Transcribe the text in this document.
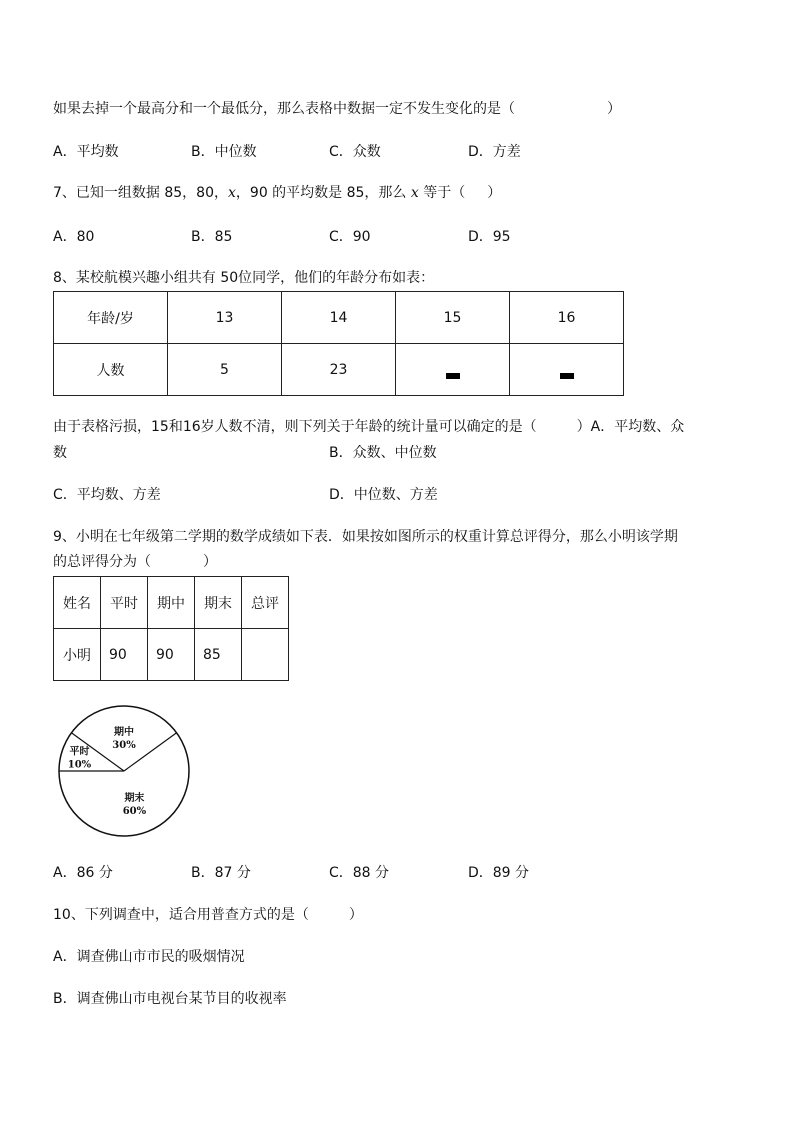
如果去掉一个最高分和一个最低分，那么表格中数据一定不发生变化的是（	）
A．平均数	B．中位数	C．众数	D．方差
7、已知一组数据 85，80，x，90 的平均数是 85，那么 x 等于（ ）
A．80	B．85	C．90	D．95
8、某校航模兴趣小组共有 50位同学，他们的年龄分布如表：
年龄/岁	13	14	15	16
人数	5	23		
由于表格污损，15和16岁人数不清，则下列关于年龄的统计量可以确定的是（	）A．平均数、众
数	B．众数、中位数
C．平均数、方差	D．中位数、方差
9、小明在七年级第二学期的数学成绩如下表．如果按如图所示的权重计算总评得分，那么小明该学期
的总评得分为（	）
姓名	平时	期中	期末	总评
小明	90	90	85	
平时
10%
期中
30%
期末
60%
A．86 分	B．87 分	C．88 分	D．89 分
10、下列调查中，适合用普查方式的是（	）
A．调查佛山市市民的吸烟情况
B．调查佛山市电视台某节目的收视率
